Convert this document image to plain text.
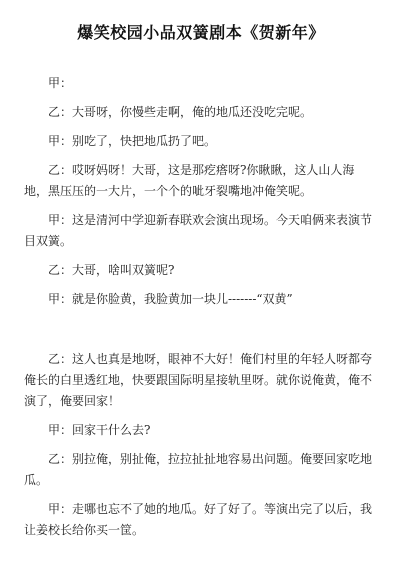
爆笑校园小品双簧剧本《贺新年》

甲：

乙：大哥呀，你慢些走啊，俺的地瓜还没吃完呢。

甲：别吃了，快把地瓜扔了吧。

乙：哎呀妈呀！大哥，这是那疙瘩呀?你瞅瞅，这人山人海地，黑压压的一大片，一个个的呲牙裂嘴地冲俺笑呢。

甲：这是清河中学迎新春联欢会演出现场。今天咱俩来表演节目双簧。

乙：大哥，啥叫双簧呢?

甲：就是你脸黄，我脸黄加一块儿-------“双黄”

乙：这人也真是地呀，眼神不大好！俺们村里的年轻人呀都夸俺长的白里透红地，快要跟国际明星接轨里呀。就你说俺黄，俺不演了，俺要回家！

甲：回家干什么去?

乙：别拉俺，别扯俺，拉拉扯扯地容易出问题。俺要回家吃地瓜。

甲：走哪也忘不了她的地瓜。好了好了。等演出完了以后，我让姜校长给你买一筐。
